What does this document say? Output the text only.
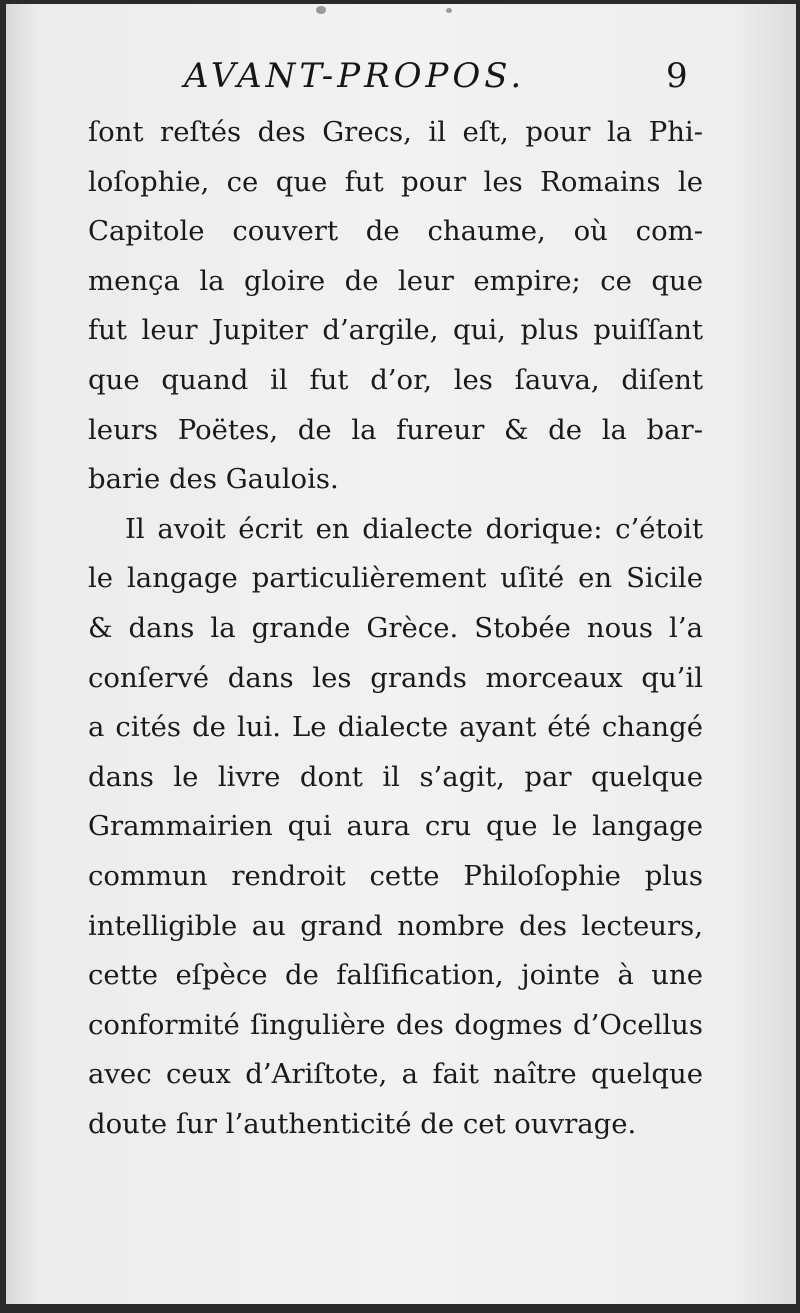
AVANT-PROPOS.	9
ſont reſtés des Grecs, il eſt, pour la Phi-
loſophie, ce que fut pour les Romains le
Capitole couvert de chaume, où com-
mença la gloire de leur empire; ce que
fut leur Jupiter d’argile, qui, plus puiſſant
que quand il fut d’or, les ſauva, diſent
leurs Poëtes, de la fureur & de la bar-
barie des Gaulois.
Il avoit écrit en dialecte dorique: c’étoit
le langage particulièrement uſité en Sicile
& dans la grande Grèce. Stobée nous l’a
conſervé dans les grands morceaux qu’il
a cités de lui. Le dialecte ayant été changé
dans le livre dont il s’agit, par quelque
Grammairien qui aura cru que le langage
commun rendroit cette Philoſophie plus
intelligible au grand nombre des lecteurs,
cette eſpèce de falſification, jointe à une
conformité ſingulière des dogmes d’Ocellus
avec ceux d’Ariſtote, a fait naître quelque
doute ſur l’authenticité de cet ouvrage.
